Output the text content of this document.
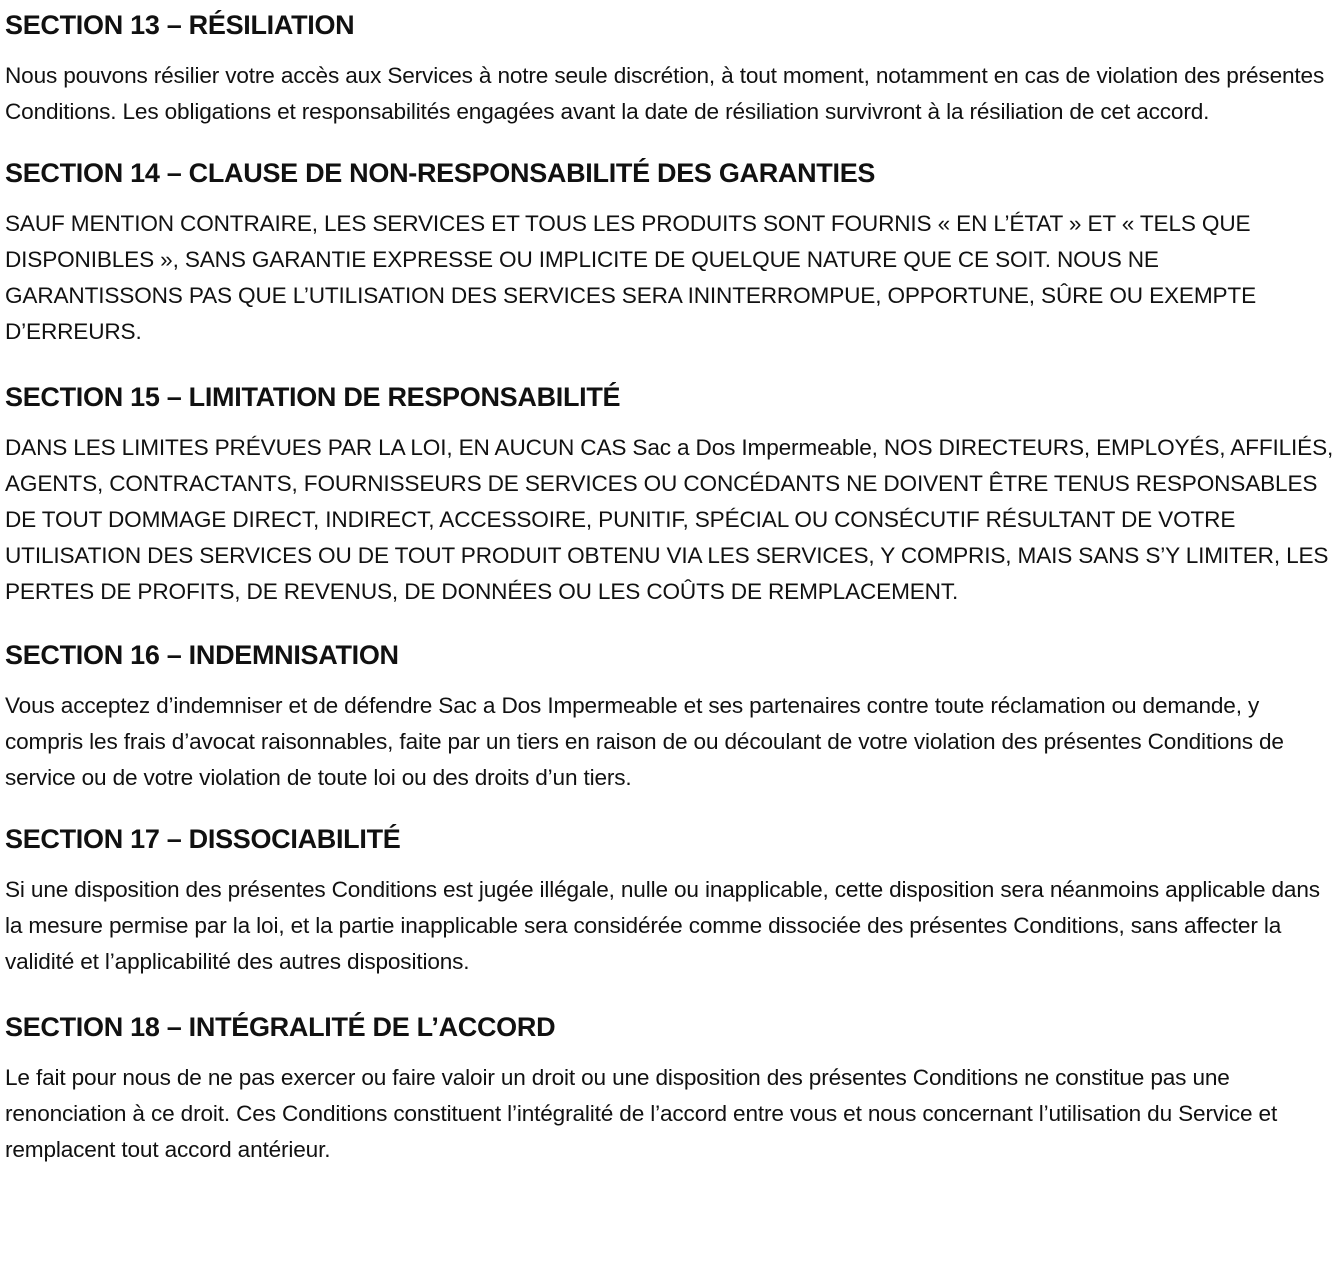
SECTION 13 – RÉSILIATION

Nous pouvons résilier votre accès aux Services à notre seule discrétion, à tout moment, notamment en cas de violation des présentes Conditions. Les obligations et responsabilités engagées avant la date de résiliation survivront à la résiliation de cet accord.

SECTION 14 – CLAUSE DE NON-RESPONSABILITÉ DES GARANTIES

SAUF MENTION CONTRAIRE, LES SERVICES ET TOUS LES PRODUITS SONT FOURNIS « EN L’ÉTAT » ET « TELS QUE DISPONIBLES », SANS GARANTIE EXPRESSE OU IMPLICITE DE QUELQUE NATURE QUE CE SOIT. NOUS NE GARANTISSONS PAS QUE L’UTILISATION DES SERVICES SERA ININTERROMPUE, OPPORTUNE, SÛRE OU EXEMPTE D’ERREURS.

SECTION 15 – LIMITATION DE RESPONSABILITÉ

DANS LES LIMITES PRÉVUES PAR LA LOI, EN AUCUN CAS Sac a Dos Impermeable, NOS DIRECTEURS, EMPLOYÉS, AFFILIÉS, AGENTS, CONTRACTANTS, FOURNISSEURS DE SERVICES OU CONCÉDANTS NE DOIVENT ÊTRE TENUS RESPONSABLES DE TOUT DOMMAGE DIRECT, INDIRECT, ACCESSOIRE, PUNITIF, SPÉCIAL OU CONSÉCUTIF RÉSULTANT DE VOTRE UTILISATION DES SERVICES OU DE TOUT PRODUIT OBTENU VIA LES SERVICES, Y COMPRIS, MAIS SANS S’Y LIMITER, LES PERTES DE PROFITS, DE REVENUS, DE DONNÉES OU LES COÛTS DE REMPLACEMENT.

SECTION 16 – INDEMNISATION

Vous acceptez d’indemniser et de défendre Sac a Dos Impermeable et ses partenaires contre toute réclamation ou demande, y compris les frais d’avocat raisonnables, faite par un tiers en raison de ou découlant de votre violation des présentes Conditions de service ou de votre violation de toute loi ou des droits d’un tiers.

SECTION 17 – DISSOCIABILITÉ

Si une disposition des présentes Conditions est jugée illégale, nulle ou inapplicable, cette disposition sera néanmoins applicable dans la mesure permise par la loi, et la partie inapplicable sera considérée comme dissociée des présentes Conditions, sans affecter la validité et l’applicabilité des autres dispositions.

SECTION 18 – INTÉGRALITÉ DE L’ACCORD

Le fait pour nous de ne pas exercer ou faire valoir un droit ou une disposition des présentes Conditions ne constitue pas une renonciation à ce droit. Ces Conditions constituent l’intégralité de l’accord entre vous et nous concernant l’utilisation du Service et remplacent tout accord antérieur.
